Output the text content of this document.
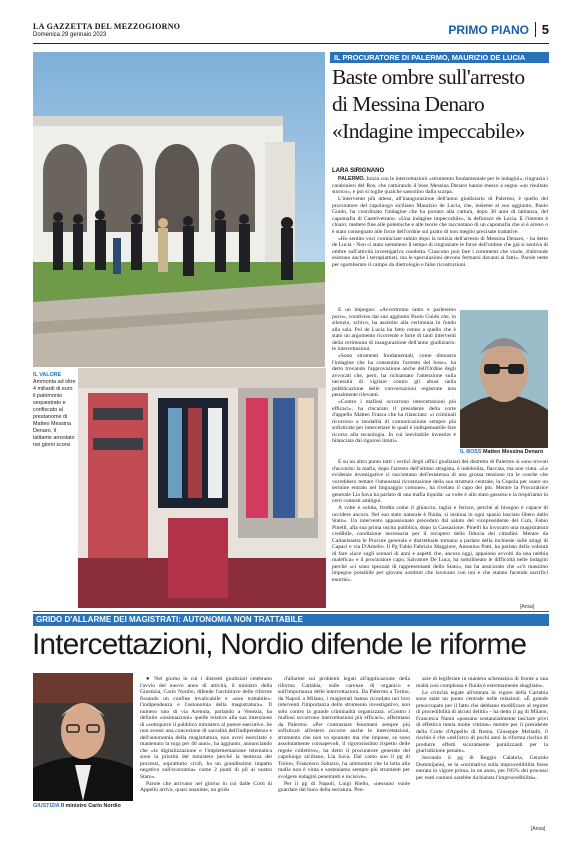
LA GAZZETTA DEL MEZZOGIORNO
Domenica 29 gennaio 2023	PRIMO PIANO 5
IL VALORE
Ammonta ad oltre 4 miliardi di euro il patrimonio sequestrato e confiscato al prestanome di Matteo Messina Denaro, il latitante arrestato nei giorni scorsi
IL PROCURATORE DI PALERMO, MAURIZIO DE LUCIA
Baste ombre sull'arresto
di Messina Denaro
«Indagine impeccabile»
LARA SIRIGNANO

PALERMO. Inizia con le intercettazioni «strumento fondamentale per le indagini», ringrazia i carabinieri del Ros, che catturando il boss Messina Denaro hanno messo a segno «un risultato storico», e poi si toglie qualche sassolino dalla scarpa.

L'intervento più atteso, all'inaugurazione dell'anno giudiziario di Palermo, è quello del procuratore del capoluogo siciliano Maurizio de Lucia, che, insieme al suo aggiunto, Paolo Guido, ha coordinato l'indagine che ha portato alla cattura, dopo 30 anni di latitanza, del capomafia di Castelvetrano. «Una indagine impeccabile», la definisce de Lucia. E l'intento è chiaro: mettere fine alle polemiche e alle teorie che raccontano di un capomafia che si è arreso o è stato consegnato alle forze dell'ordine sul piatto di non meglio precisate trattative.

«Ho sentito voci cominciate subito dopo la notizia dell'arresto di Messina Denaro, - ha detto de Lucia - Non ci stato nemmeno il tempo di ringraziare le forze dell'ordine che già si sentiva di ombre sull'attività investigativa condotta. Ciascuno può fare i commenti che vuole, d'altronde esistono anche i terrapiattisti, ma le speculazioni devono fermarsi davanti ai fatti». Parole nette per sgomberare il campo da dietrologie e false ricostruzioni.

E un impegno: «Avvertremo tanto e parleremo poco», condiviso dal suo aggiunto Paolo Guido che, in silenzio, schivo, ha assistito alla cerimonia in fondo alla sala. Poi de Lucia ha fatto cenno a quello che è stato un argomento ricorrente e forte di tanti interventi della cerimonia di inaugurazione dell'anno giudiziario: le intercettazioni.

«Sono strumenti fondamentali, come dimostra l'indagine che ha consentito l'arresto del boss», ha detto trovando l'approvazione anche dell'Ordine degli avvocati che, però, ha richiamato l'attenzione sulla necessità di vigilare contro gli abusi nella pubblicazione delle conversazioni registrate non penalmente rilevanti.

«Contro i maflosi occorrono intercettazioni più efficaci», ha rincarato il presidente della corte d'appello Matteo Frasca che ha rilanciato: «i criminali ricorrono a modalità di comunicazione sempre più sofisticate per intercettare le quali è indispensabile fare ricorso alla tecnologia. In cui inevitabile investire è bilanciata dai rigorosi limiti».

IL BOSS Matteo Messina Denaro

E su un altro punto tutti i vertici degli uffici giudiziari del distretto di Palermo si sono trovati d'accordo: la mafia, dopo l'arresto dell'ultimo stragista, è indebolita, flaccata, ma non vinta. «Le evidenze investigative ci raccontano dell'esistenza di una grossa tensione tra le cosche che vorrebbero tentare l'omeostasi ricostruzione della sua struttura centrale, la Cupola per usare un termine entrato nel linguaggio comune», ha rivelato il capo dei pm. Mentre la Procuratrice generale Lia Sava ha parlato di una mafia liquida: «a volte è allo stato gassoso e la respiriamo in certi contesti ambigui.

A volte è solida, fredda come il ghiaccio, taglia e ferisce, perché al bisogno è capace di uccidere ancora. Nel suo stato naturale è fluida, si insinua in ogni spazio lasciato libero dallo Stato». Un intervento appassionato preceduto dal saluto del vicepresidente del Csm, Fabio Pinelli, alla sua prima uscita pubblica, dopo la Cassazione. Pinelli ha invocato una magistratura credibile, condizione necessaria per il recupero della fiducia dei cittadini. Mentre da Caltanissetta le Procure generale e distrettuale tornano a parlare della inchieste sulle stragi di Capaci e via D'Amelio. Il Pg Fabio Fabrizio Maggiore, Antonino Patti, ha parlato della volontà di fare «luce sugli scenari di anni e aspetti che, ancora oggi, appaiono avvolti da una nebbia malefica» e il procuratore capo, Salvatore De Luca, ha sottolineato le difficoltà nelle indagini perché «ci sono spezzati di rappresentanti dello Stato», ma ha assicurato che «c'è massimo impegno possibile per giovani sostituti che lavorano con noi e che stanno facendo sacrifici enormi».

[Ansa]
GRIDO D'ALLARME DEI MAGISTRATI: AUTONOMIA NON TRATTABILE
Intercettazioni, Nordio difende le riforme
GIUSTIZIA Il ministro Carlo Nordio

● Nel giorno in cui i distretti giudiziari celebrano l'avvio del nuovo anno di attività, il ministro della Giustizia, Carlo Nordio, difende l'architrave delle riforme fissando un confine invalicabile e «non trattabile»: l'indipendenza e l'autonomia della magistratura». Il numero uno di via Arenula, parlando a Venezia, ha definito «insinuazioni» quelle relative alla sua intenzione di «sottoporre il pubblico ministero al potere esecutivo. Se non avessi una concezione di sacralità dell'indipendenza e dell'autonomia della magistratura, non avrei esercitato e mantenuto la toga per 40 anni», ha aggiunto, annunciando che «la digitalizzazione e l'implementazione telematica sono la priorità del ministero perché la lentezza dei processi, soprattutto civili, ha un grandissimo impatto negativo sull'economia» come 2 punti di pil al nostro Stato».

Parole che arrivano nel giorno in cui dalle Corti di Appello arriva, quasi unanime, un grido

d'allarme sui problemi legati all'applicazione della riforma Cartabia, sulle carenze di organico e sull'importanza delle intercettazioni. Da Palermo a Torino, da Napoli a Milano, i magistrati hanno ricordato nei loro interventi l'importanza dello strumento investigativo, non solo contro la grande criminalità organizzata. «Contro i mafiosi occorrono intercettazioni più efficaci», affermano da Palermo. «Per contrastare fenomeni sempre più sofisticati all'estero occorre anche le intercettazioni, strumento che non va spuntato ma che impone, se sono assolutamente consapevoli, il rigorosissimo rispetto delle regole collettive», ha detto il procuratore generale del capoluogo siciliano, Lia Sava. Dal canto suo il pg di Torino, Francesco Saluzzo, ha ammonito che la lotta alla mafia non è vinta e sosteniamo sempre più strumenti per svolgere indagini penetranti e incisive».

Per il pg di Napoli, Luigi Riello, «nessuno vuole guardare dal buco della serratura. Pen-

sare di legiferare in maniera schematica di fronte a una realtà così complessa e fluida è estremamente sbagliato».

Le criticità legate all'entrata in vigore della Cartabia sono state un punto centrale nelle relazioni. «È grande preoccupato per il fatto che debbano modificare al regime di procedibilità di alcuni delitti» - ha detto il pg di Milano, Francesca Nanni «possano sostanzialmente lasciare privi di effettiva tutela molte vittime» mentre per il presidente della Corte d'Appello di Roma, Giuseppe Meliadò, il rischio è che «nell'arco di pochi anni la riforma rischia di produrre effetti sicuramente paralizzanti per la giurisdizione penale».

Secondo il pg di Reggio Calabria, Gerardo Dominijanni, se la «normativa sulla improcedibilità fosse entrata in vigore prima, in un anno, per l'85% dei processi per reati comuni sarebbe dichiarata l'improcedibilità».

[Ansa]
